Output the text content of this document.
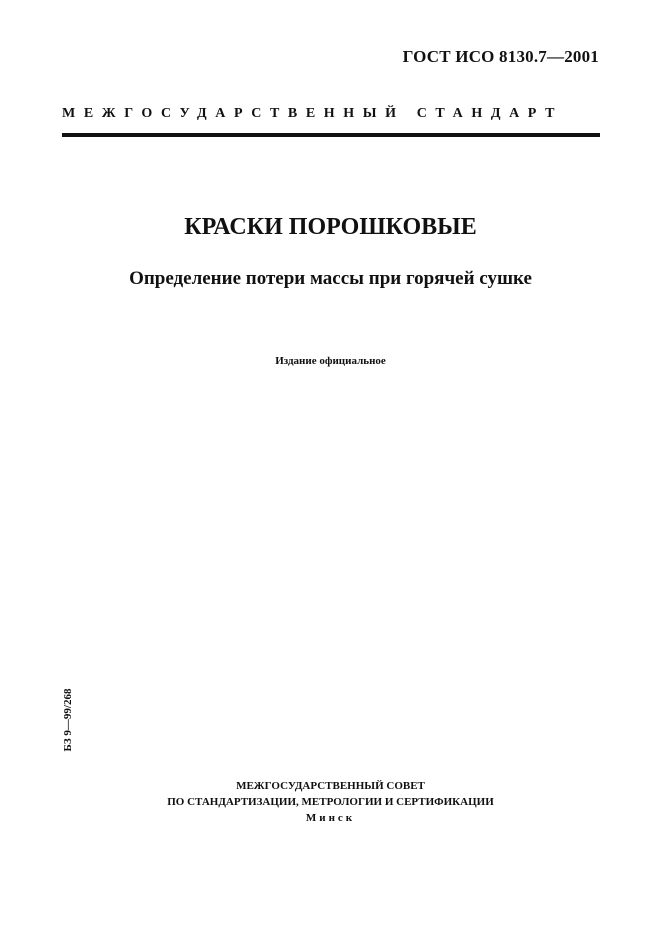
ГОСТ ИСО 8130.7—2001
МЕЖГОСУДАРСТВЕННЫЙ СТАНДАРТ
КРАСКИ ПОРОШКОВЫЕ
Определение потери массы при горячей сушке
Издание официальное
БЗ 9—99/268
МЕЖГОСУДАРСТВЕННЫЙ СОВЕТ
ПО СТАНДАРТИЗАЦИИ, МЕТРОЛОГИИ И СЕРТИФИКАЦИИ
Минск
